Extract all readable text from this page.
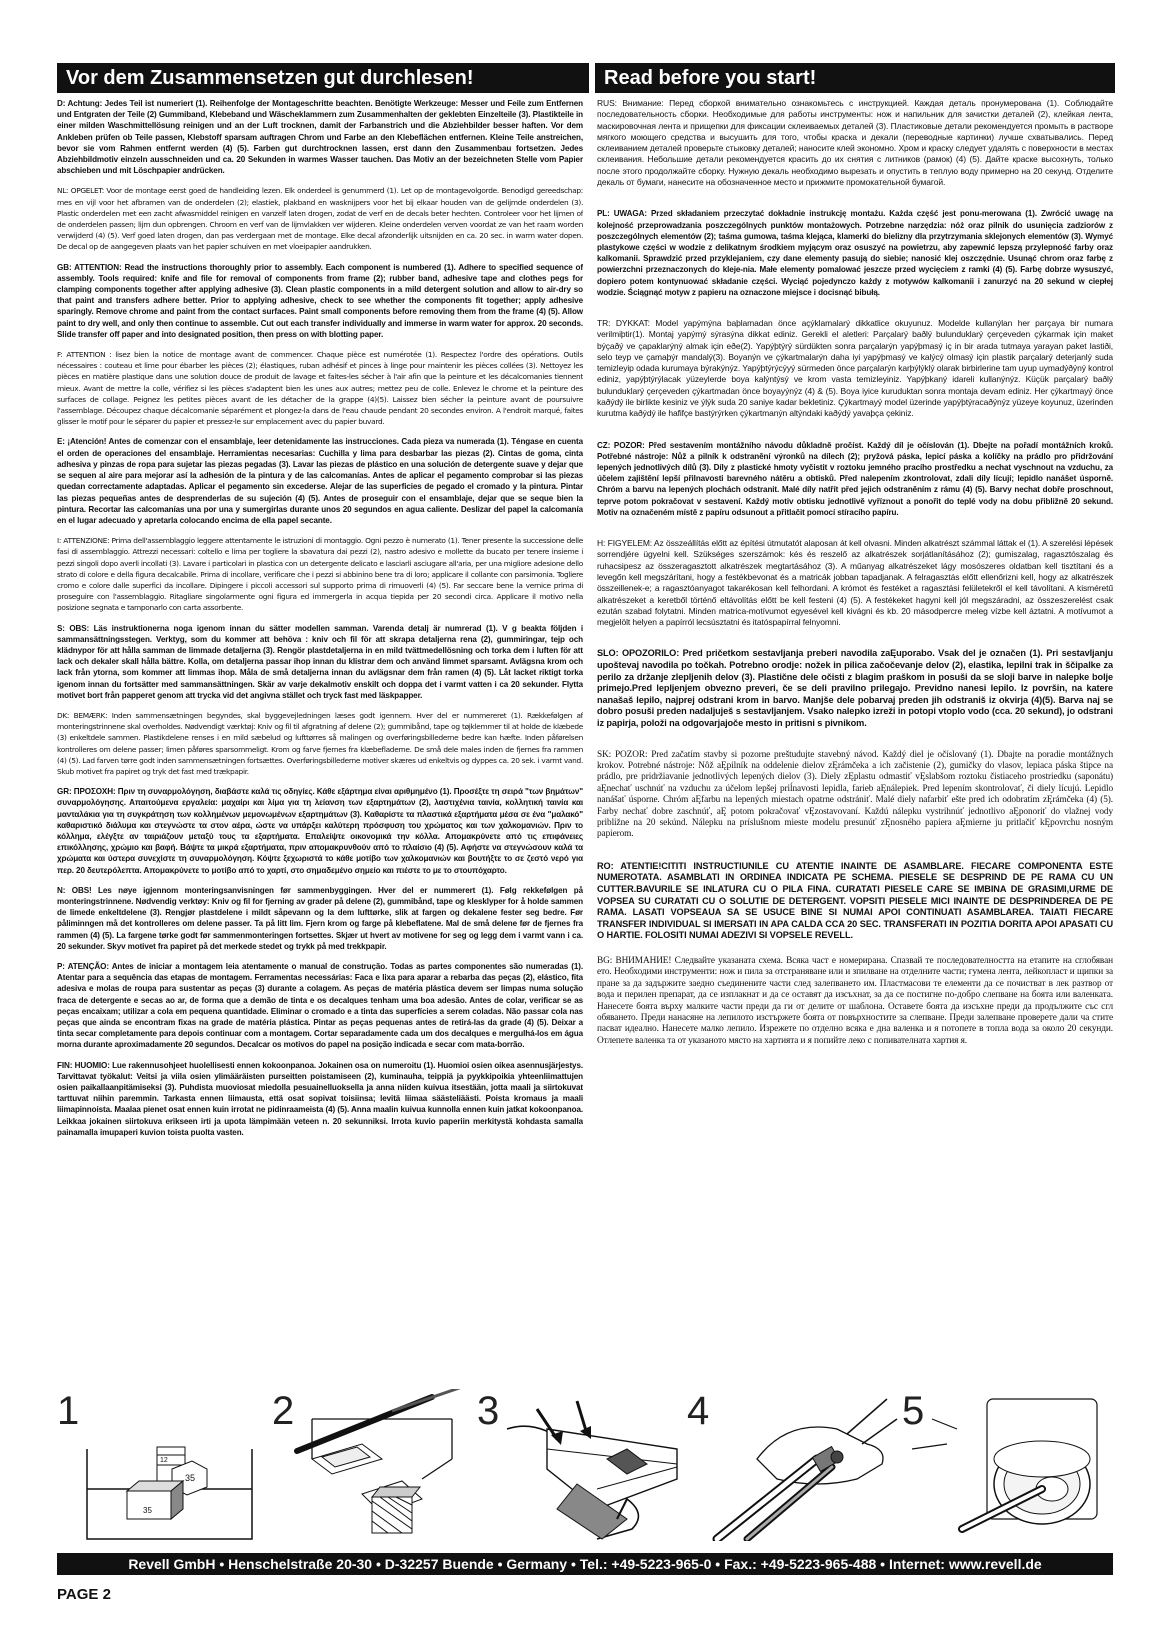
Vor dem Zusammensetzen gut durchlesen!	Read before you start!

D: Achtung: Jedes Teil ist numeriert (1). Reihenfolge der Montageschritte beachten. Benötigte Werkzeuge: Messer und Feile zum Entfernen und Entgraten der Teile (2) Gummiband, Klebeband und Wäscheklammern zum Zusammenhalten der geklebten Einzelteile (3). Plastikteile in einer milden Waschmittellösung reinigen und an der Luft trocknen, damit der Farbanstrich und die Abziehbilder besser haften. Vor dem Ankleben prüfen ob Teile passen, Klebstoff sparsam auftragen Chrom und Farbe an den Klebeflächen entfernen. Kleine Teile anstreichen, bevor sie vom Rahmen entfernt werden (4) (5). Farben gut durchtrocknen lassen, erst dann den Zusammenbau fortsetzen. Jedes Abziehbildmotiv einzeln ausschneiden und ca. 20 Sekunden in warmes Wasser tauchen. Das Motiv an der bezeichneten Stelle vom Papier abschieben und mit Löschpapier andrücken.

NL: OPGELET: Voor de montage eerst goed de handleiding lezen. Elk onderdeel is genummerd (1). Let op de montagevolgorde. Benodigd gereedschap: mes en vijl voor het afbramen van de onderdelen (2); elastiek, plakband en wasknijpers voor het bij elkaar houden van de gelijmde onderdelen (3). Plastic onderdelen met een zacht afwasmiddel reinigen en vanzelf laten drogen, zodat de verf en de decals beter hechten. Controleer voor het lijmen of de onderdelen passen; lijm dun opbrengen. Chroom en verf van de lijmvlakken ver wijderen. Kleine onderdelen verven voordat ze van het raam worden verwijderd (4) (5). Verf goed laten drogen, dan pas verdergaan met de montage. Elke decal afzonderlijk uitsnijden en ca. 20 sec. in warm water dopen. De decal op de aangegeven plaats van het papier schuiven en met vloeipapier aandrukken.

GB: ATTENTION: Read the instructions thoroughly prior to assembly. Each component is numbered (1). Adhere to specified sequence of assembly. Tools required: knife and file for removal of components from frame (2); rubber band, adhesive tape and clothes pegs for clamping components together after applying adhesive (3). Clean plastic components in a mild detergent solution and allow to air-dry so that paint and transfers adhere better. Prior to applying adhesive, check to see whether the components fit together; apply adhesive sparingly. Remove chrome and paint from the contact surfaces. Paint small components before removing them from the frame (4) (5). Allow paint to dry well, and only then continue to assemble. Cut out each transfer individually and immerse in warm water for approx. 20 seconds. Slide transfer off paper and into designated position, then press on with blotting paper.

F: ATTENTION : lisez bien la notice de montage avant de commencer. Chaque pièce est numérotée (1). Respectez l'ordre des opérations. Outils nécessaires : couteau et lime pour ébarber les pièces (2); élastiques, ruban adhésif et pinces à linge pour maintenir les pièces collées (3). Nettoyez les pièces en matière plastique dans une solution douce de produit de lavage et faites-les sécher à l'air afin que la peinture et les décalcomanies tiennent mieux. Avant de mettre la colle, vérifiez si les pièces s'adaptent bien les unes aux autres; mettez peu de colle. Enlevez le chrome et la peinture des surfaces de collage. Peignez les petites pièces avant de les détacher de la grappe (4)(5). Laissez bien sécher la peinture avant de poursuivre l'assemblage. Découpez chaque décalcomanie séparément et plongez-la dans de l'eau chaude pendant 20 secondes environ. A l'endroit marqué, faites glisser le motif pour le séparer du papier et pressez-le sur emplacement avec du papier buvard.

E: ¡Atención! Antes de comenzar con el ensamblaje, leer detenidamente las instrucciones. Cada pieza va numerada (1). Téngase en cuenta el orden de operaciones del ensamblaje. Herramientas necesarias: Cuchilla y lima para desbarbar las piezas (2). Cintas de goma, cinta adhesiva y pinzas de ropa para sujetar las piezas pegadas (3). Lavar las piezas de plástico en una solución de detergente suave y dejar que se sequen al aire para mejorar así la adhesión de la pintura y de las calcomanías. Antes de aplicar el pegamento comprobar si las piezas quedan correctamente adaptadas. Aplicar el pegamento sin excederse. Alejar de las superficies de pegado el cromado y la pintura. Pintar las piezas pequeñas antes de desprenderlas de su sujeción (4) (5). Antes de proseguir con el ensamblaje, dejar que se seque bien la pintura. Recortar las calcomanías una por una y sumergirlas durante unos 20 segundos en agua caliente. Deslizar del papel la calcomanía en el lugar adecuado y apretarla colocando encima de ella papel secante.

I: ATTENZIONE: Prima dell'assemblaggio leggere attentamente le istruzioni di montaggio. Ogni pezzo è numerato (1). Tener presente la successione delle fasi di assemblaggio. Attrezzi necessari: coltello e lima per togliere la sbavatura dai pezzi (2), nastro adesivo e mollette da bucato per tenere insieme i pezzi singoli dopo averli incollati (3). Lavare i particolari in plastica con un detergente delicato e lasciarli asciugare all'aria, per una migliore adesione dello strato di colore e della figura decalcabile. Prima di incollare, verificare che i pezzi si abbinino bene tra di loro; applicare il collante con parsimonia. Togliere cromo e colore dalle superfici da incollare. Dipingere i piccoli accessori sul supporto prima di rimuoverli (4) (5). Far seccare bene la vernice prima di proseguire con l'assemblaggio. Ritagliare singolarmente ogni figura ed immergerla in acqua tiepida per 20 secondi circa. Applicare il motivo nella posizione segnata e tamponarlo con carta assorbente.

S: OBS: Läs instruktionerna noga igenom innan du sätter modellen samman. Varenda detalj är numrerad (1). V g beakta följden i sammansättningsstegen. Verktyg, som du kommer att behöva : kniv och fil för att skrapa detaljerna rena (2), gummiringar, tejp och klädnypor för att hålla samman de limmade detaljerna (3). Rengör plastdetaljerna in en mild tvättmedellösning och torka dem i luften för att lack och dekaler skall hålla bättre. Kolla, om detaljerna passar ihop innan du klistrar dem och använd limmet sparsamt. Avlägsna krom och lack från ytorna, som kommer att limmas ihop. Måla de små detaljerna innan du avlägsnar dem från ramen (4) (5). Låt lacket riktigt torka igenom innan du fortsätter med sammansättningen. Skär av varje dekalmotiv enskilt och doppa det i varmt vatten i ca 20 sekunder. Flytta motivet bort från papperet genom att trycka vid det angivna stället och tryck fast med läskpapper.

DK: BEMÆRK: Inden sammensætningen begyndes, skal byggevejledningen læses godt igennem. Hver del er nummereret (1). Rækkefølgen af monteringstrinnene skal overholdes. Nødvendigt værktøj: Kniv og fil til afgratning af delene (2); gummibånd, tape og tøjklemmer til at holde de klæbede (3) enkeltdele sammen. Plastikdelene renses i en mild sæbelud og lufttørres så malingen og overføringsbillederne bedre kan hæfte. Inden påførelsen kontrolleres om delene passer; limen påføres sparsommeligt. Krom og farve fjernes fra klæbefladerne. De små dele males inden de fjernes fra rammen (4) (5). Lad farven tørre godt inden sammensætningen fortsættes. Overføringsbillederne motiver skæres ud enkeltvis og dyppes ca. 20 sek. i varmt vand. Skub motivet fra papiret og tryk det fast med trækpapir.

GR: ΠΡΟΣΟΧΗ: Πριν τη συναρμολόγηση, διαβάστε καλά τις οδηγίες. Κάθε εξάρτημα είναι αριθμημένο (1). Προσέξτε τη σειρά "των βημάτων" συναρμολόγησης. Απαιτούμενα εργαλεία: μαχαίρι και λίμα για τη λείανση των εξαρτημάτων (2), λαστιχένια ταινία, κολλητική ταινία και μανταλάκια για τη συγκράτηση των κολλημένων μεμονωμένων εξαρτημάτων (3). Καθαρίστε τα πλαστικά εξαρτήματα μέσα σε ένα "μαλακό" καθαριστικό διάλυμα και στεγνώστε τα στον αέρα, ώστε να υπάρξει καλύτερη πρόσφυση του χρώματος και των χαλκομανιών. Πριν το κόλλημα, ελέγξτε αν ταιριάζουν μεταξύ τους τα εξαρτήματα. Επαλείψτε οικονομικά την κόλλα. Απομακρύνετε από τις επιφάνειες επικόλλησης, χρώμιο και βαφή. Βάψτε τα μικρά εξαρτήματα, πριν απομακρυνθούν από το πλαίσιο (4) (5). Αφήστε να στεγνώσουν καλά τα χρώματα και ύστερα συνεχίστε τη συναρμολόγηση. Κόψτε ξεχωριστά το κάθε μοτίβο των χαλκομανιών και βουτήξτε το σε ζεστό νερό για περ. 20 δευτερόλεπτα. Απομακρύνετε το μοτίβο από το χαρτί, στο σημαδεμένο σημείο και πιέστε το με το στουπόχαρτο.

N: OBS! Les nøye igjennom monteringsanvisningen før sammenbyggingen. Hver del er nummerert (1). Følg rekkefølgen på monteringstrinnene. Nødvendig verktøy: Kniv og fil for fjerning av grader på delene (2), gummibånd, tape og klesklyper for å holde sammen de limede enkeltdelene (3). Rengjør plastdelene i mildt såpevann og la dem lufttørke, slik at fargen og dekalene fester seg bedre. Før påliminngen må det kontrolleres om delene passer. Ta på litt lim. Fjern krom og farge på klebeflatene. Mal de små delene før de fjernes fra rammen (4) (5). La fargene tørke godt før sammenmonteringen fortsettes. Skjær ut hvert av motivene for seg og legg dem i varmt vann i ca. 20 sekunder. Skyv motivet fra papiret på det merkede stedet og trykk på med trekkpapir.

P: ATENÇÃO: Antes de iniciar a montagem leia atentamente o manual de construção. Todas as partes componentes são numeradas (1). Atentar para a sequência das etapas de montagem. Ferramentas necessárias: Faca e lixa para aparar a rebarba das peças (2), elástico, fita adesiva e molas de roupa para sustentar as peças (3) durante a colagem. As peças de matéria plástica devem ser limpas numa solução fraca de detergente e secas ao ar, de forma que a demão de tinta e os decalques tenham uma boa adesão. Antes de colar, verificar se as peças encaixam; utilizar a cola em pequena quantidade. Eliminar o cromado e a tinta das superfícies a serem coladas. Não passar cola nas peças que ainda se encontram fixas na grade de matéria plástica. Pintar as peças pequenas antes de retirá-las da grade (4) (5). Deixar a tinta secar completamente para depois continuar com a montagem. Cortar separadamente cada um dos decalques e mergulhá-los em água morna durante aproximadamente 20 segundos. Decalcar os motivos do papel na posição indicada e secar com mata-borrão.

FIN: HUOMIO: Lue rakennusohjeet huolellisesti ennen kokoonpanoa. Jokainen osa on numeroitu (1). Huomioi osien oikea asennusjärjestys. Tarvittavat työkalut: Veitsi ja viila osien ylimääräisten purseitten poistamiseen (2), kuminauha, teippiä ja pyykkipoikia yhteenliimattujen osien paikallaanpitämiseksi (3). Puhdista muoviosat miedolla pesuainelluoksella ja anna niiden kuivua itsestään, jotta maali ja siirtokuvat tarttuvat niihin paremmin. Tarkasta ennen liimausta, että osat sopivat toisiinsa; levitä liimaa säästeliäästi. Poista kromaus ja maali liimapinnoista. Maalaa pienet osat ennen kuin irrotat ne pidinraameista (4) (5). Anna maalin kuivua kunnolla ennen kuin jatkat kokoonpanoa. Leikkaa jokainen siirtokuva erikseen irti ja upota lämpimään veteen n. 20 sekunniksi. Irrota kuvio paperiin merkitystä kohdasta samalla painamalla imupaperi kuvion toista puolta vasten.

RUS: Внимание: Перед сборкой внимательно ознакомьтесь с инструкцией. Каждая деталь пронумерована (1). Соблюдайте последовательность сборки. Необходимые для работы инструменты: нож и напильник для зачистки деталей (2), клейкая лента, маскировочная лента и прищепки для фиксации склеиваемых деталей (3). Пластиковые детали рекомендуется промыть в растворе мягкого моющего средства и высушить для того, чтобы краска и декали (переводные картинки) лучше схватывались. Перед склеиванием деталей проверьте стыковку деталей; наносите клей экономно. Хром и краску следует удалять с поверхности в местах склеивания. Небольшие детали рекомендуется красить до их снятия с литников (рамок) (4) (5). Дайте краске высохнуть, только после этого продолжайте сборку. Нужную декаль необходимо вырезать и опустить в теплую воду примерно на 20 секунд. Отделите декаль от бумаги, нанесите на обозначенное место и прижмите промокательной бумагой.

PL: UWAGA: Przed składaniem przeczytać dokładnie instrukcję montażu. Każda część jest ponu-merowana (1). Zwrócić uwagę na kolejność przeprowadzania poszczególnych punktów montażowych. Potrzebne narzędzia: nóż oraz pilnik do usunięcia zadziorów z poszczególnych elementów (2); taśma gumowa, taśma klejąca, klamerki do bielizny dla przytrzymania sklejonych elementów (3). Wymyć plastykowe części w wodzie z delikatnym środkiem myjącym oraz osuszyć na powietrzu, aby zapewnić lepszą przylepność farby oraz kalkomanii. Sprawdzić przed przyklejaniem, czy dane elementy pasują do siebie; nanosić klej oszczędnie. Usunąć chrom oraz farbę z powierzchni przeznaczonych do kleje-nia. Małe elementy pomalować jeszcze przed wycięciem z ramki (4) (5). Farbę dobrze wysuszyć, dopiero potem kontynuować składanie części. Wyciąć pojedynczo każdy z motywów kalkomanii i zanurzyć na 20 sekund w ciepłej wodzie. Ściągnąć motyw z papieru na oznaczone miejsce i docisnąć bibułą.

TR: DYKKAT: Model yapýmýna baþlamadan önce açýklamalarý dikkatlice okuyunuz. Modelde kullanýlan her parçaya bir numara verilmiþtir(1). Montaj yapýmý sýrasýna dikkat ediniz. Gerekli el aletleri: Parçalarý baðlý bulunduklarý çerçeveden çýkarmak için maket býçaðý ve çapaklarýný almak için eðe(2). Yapýþtýrý sürdükten sonra parçalarýn yapýþmasý iç in bir arada tutmaya yarayan paket lastiði, selo teyp ve çamaþýr mandalý(3). Boyanýn ve çýkartmalarýn daha iyi yapýþmasý ve kalýcý olmasý için plastik parçalarý deterjanlý suda temizleyip odada kurumaya býrakýnýz. Yapýþtýrýcýyý sürmeden önce parçalarýn karþýlýklý olarak birbirlerine tam uyup uymadýðýný kontrol ediniz, yapýþtýrýlacak yüzeylerde boya kalýntýsý ve krom vasta temizleyiniz. Yapýþkaný idareli kullanýnýz. Küçük parçalarý baðlý bulunduklarý çerçeveden çýkartmadan önce boyayýnýz (4) & (5). Boya iyice kuruduktan sonra montaja devam ediniz. Her çýkartmayý önce kaðýdý ile birlikte kesiniz ve ýlýk suda 20 saniye kadar bekletiniz. Çýkartmayý model üzerinde yapýþtýracaðýnýz yüzeye koyunuz, üzerinden kurutma kaðýdý ile hafifçe bastýrýrken çýkartmanýn altýndaki kaðýdý yavaþça çekiniz.

CZ: POZOR: Před sestavením montážního návodu důkladně pročíst. Každý díl je očíslován (1). Dbejte na pořadí montážních kroků. Potřebné nástroje: Nůž a pilník k odstranění výronků na dílech (2); pryžová páska, lepicí páska a kolíčky na prádlo pro přidržování lepených jednotlivých dílů (3). Díly z plastické hmoty vyčistit v roztoku jemného pracího prostředku a nechat vyschnout na vzduchu, za účelem zajištění lepší přilnavosti barevného nátěru a obtisků. Před nalepením zkontrolovat, zdali díly lícují; lepidlo nanášet úsporně. Chróm a barvu na lepených plochách odstranit. Malé díly natřít před jejich odstraněním z rámu (4) (5). Barvy nechat dobře proschnout, teprve potom pokračovat v sestavení. Každý motiv obtisku jednotlivě vyříznout a ponořit do teplé vody na dobu přibližně 20 sekund. Motiv na označeném místě z papíru odsunout a přitlačit pomocí stíracího papíru.

H: FIGYELEM: Az összeállítás előtt az építési útmutatót alaposan át kell olvasni. Minden alkatrészt számmal láttak el (1). A szerelési lépések sorrendjére ügyelni kell. Szükséges szerszámok: kés és reszelő az alkatrészek sorjátlanításához (2); gumiszalag, ragasztószalag és ruhacsipesz az összeragasztott alkatrészek megtartásához (3). A műanyag alkatrészeket lágy mosószeres oldatban kell tisztítani és a levegőn kell megszárítani, hogy a festékbevonat és a matricák jobban tapadjanak. A felragasztás előtt ellenőrizni kell, hogy az alkatrészek összeillenek-e; a ragasztóanyagot takarékosan kell felhordani. A krómot és festéket a ragasztási felületekről el kell távolítani. A kisméretű alkatrészeket a keretből történő eltávolítás előtt be kell festeni (4) (5). A festékeket hagyni kell jól megszáradni, az összeszerelést csak ezután szabad folytatni. Minden matrica-motívumot egyesével kell kivágni és kb. 20 másodpercre meleg vízbe kell áztatni. A motívumot a megjelölt helyen a papírról lecsúsztatni és itatóspapírral felnyomni.

SLO: OPOZORILO: Pred pričetkom sestavljanja preberi navodila zaĘuporabo. Vsak del je označen (1). Pri sestavljanju upoštevaj navodila po točkah. Potrebno orodje: nožek in pilica začočevanje delov (2), elastika, lepilni trak in ščipalke za perilo za držanje zlepljenih delov (3). Plastične dele očisti z blagim praškom in posuši da se sloji barve in nalepke bolje primejo.Pred lepljenjem obvezno preveri, če se deli pravilno prilegajo. Previdno nanesi lepilo. Iz površin, na katere nanašaš lepilo, najprej odstrani krom in barvo. Manjše dele pobarvaj preden jih odstraniš iz okvirja (4)(5). Barva naj se dobro posuši preden nadaljuješ s sestavljanjem. Vsako nalepko izreži in potopi vtoplo vodo (cca. 20 sekund), jo odstrani iz papirja, položi na odgovarjajoče mesto in pritisni s pivnikom.

SK: POZOR: Pred začatím stavby si pozorne preštudujte stavebný návod. Každý diel je očíslovaný (1). Dbajte na poradie montážnych krokov. Potrebné nástroje: Nôž aĘpilník na oddelenie dielov zĘrámčeka a ich začistenie (2), gumičky do vlasov, lepiaca páska štipce na prádlo, pre pridržiavanie jednotlivých lepených dielov (3). Diely zĘplastu odmastiť vĘslabšom roztoku čistiaceho prostriedku (saponátu) aĘnechať uschnúť na vzduchu za účelom lepšej priĺnavosti lepidla, farieb aĘnálepiek. Pred lepením skontrolovať, či diely lícujú. Lepidlo nanášať úsporne. Chróm aĘfarbu na lepených miestach opatrne odstrániť. Malé diely nafarbiť ešte pred ich odobratím zĘrámčeka (4) (5). Farby nechať dobre zaschnúť, aĘ potom pokračovať vĘzostavovaní. Každú nálepku vystrihnúť jednotlivo aĘponoriť do vlažnej vody približne na 20 sekúnd. Nálepku na príslušnom mieste modelu presunúť zĘnosného papiera aĘmierne ju pritlačiť kĘpovrchu nosným papierom.

RO: ATENTIE!CITITI INSTRUCTIUNILE CU ATENTIE INAINTE DE ASAMBLARE. FIECARE COMPONENTA ESTE NUMEROTATA. ASAMBLATI IN ORDINEA INDICATA PE SCHEMA. PIESELE SE DESPRIND DE PE RAMA CU UN CUTTER.BAVURILE SE INLATURA CU O PILA FINA. CURATATI PIESELE CARE SE IMBINA DE GRASIMI,URME DE VOPSEA SU CURATATI CU O SOLUTIE DE DETERGENT. VOPSITI PIESELE MICI INAINTE DE DESPRINDEREA DE PE RAMA. LASATI VOPSEAUA SA SE USUCE BINE SI NUMAI APOI CONTINUATI ASAMBLAREA. TAIATI FIECARE TRANSFER INDIVIDUAL SI IMERSATI IN APA CALDA CCA 20 SEC. TRANSFERATI IN POZITIA DORITA APOI APASATI CU O HARTIE. FOLOSITI NUMAI ADEZIVI SI VOPSELE REVELL.

BG: ВНИМАНИЕ! Следвайте указаната схема. Всяка част е номерирана. Спазвай те последователността на етапите на сглобяван ето. Необходими инструменти: нож и пила за отстраняване или и зпилване на отделните части; гумена лента, лейкопласт и щипки за пране за да задържите заедно съединените части след залепването им. Пластмасови те елементи да се почистват в лек разтвор от вода и перилен препарат, да се изплакнат и да се оставят да изсъхнат, за да се постигне по-добро слепване на боята или валенката. Нанесете боята върху малките части преди да ги от делите от шаблона. Оставете боята да изсъхне преди да продължите със сгл обяването. Преди нанасяне на лепилото изстържете боята от повърхностите за слепване. Преди залепване проверете дали ча стите пасват идеално. Нанесете малко лепило. Изрежете по отделно всяка е дна валенка и я потопете в топла вода за около 20 секунди. Отлепете валенка та от указаното място на хартията и я попийте леко с попивателната хартия я.

12
35
35
1	2	3	4	5
Revell GmbH • Henschelstraße 20-30 • D-32257 Buende • Germany • Tel.: +49-5223-965-0 • Fax.: +49-5223-965-488 • Internet: www.revell.de
PAGE 2
